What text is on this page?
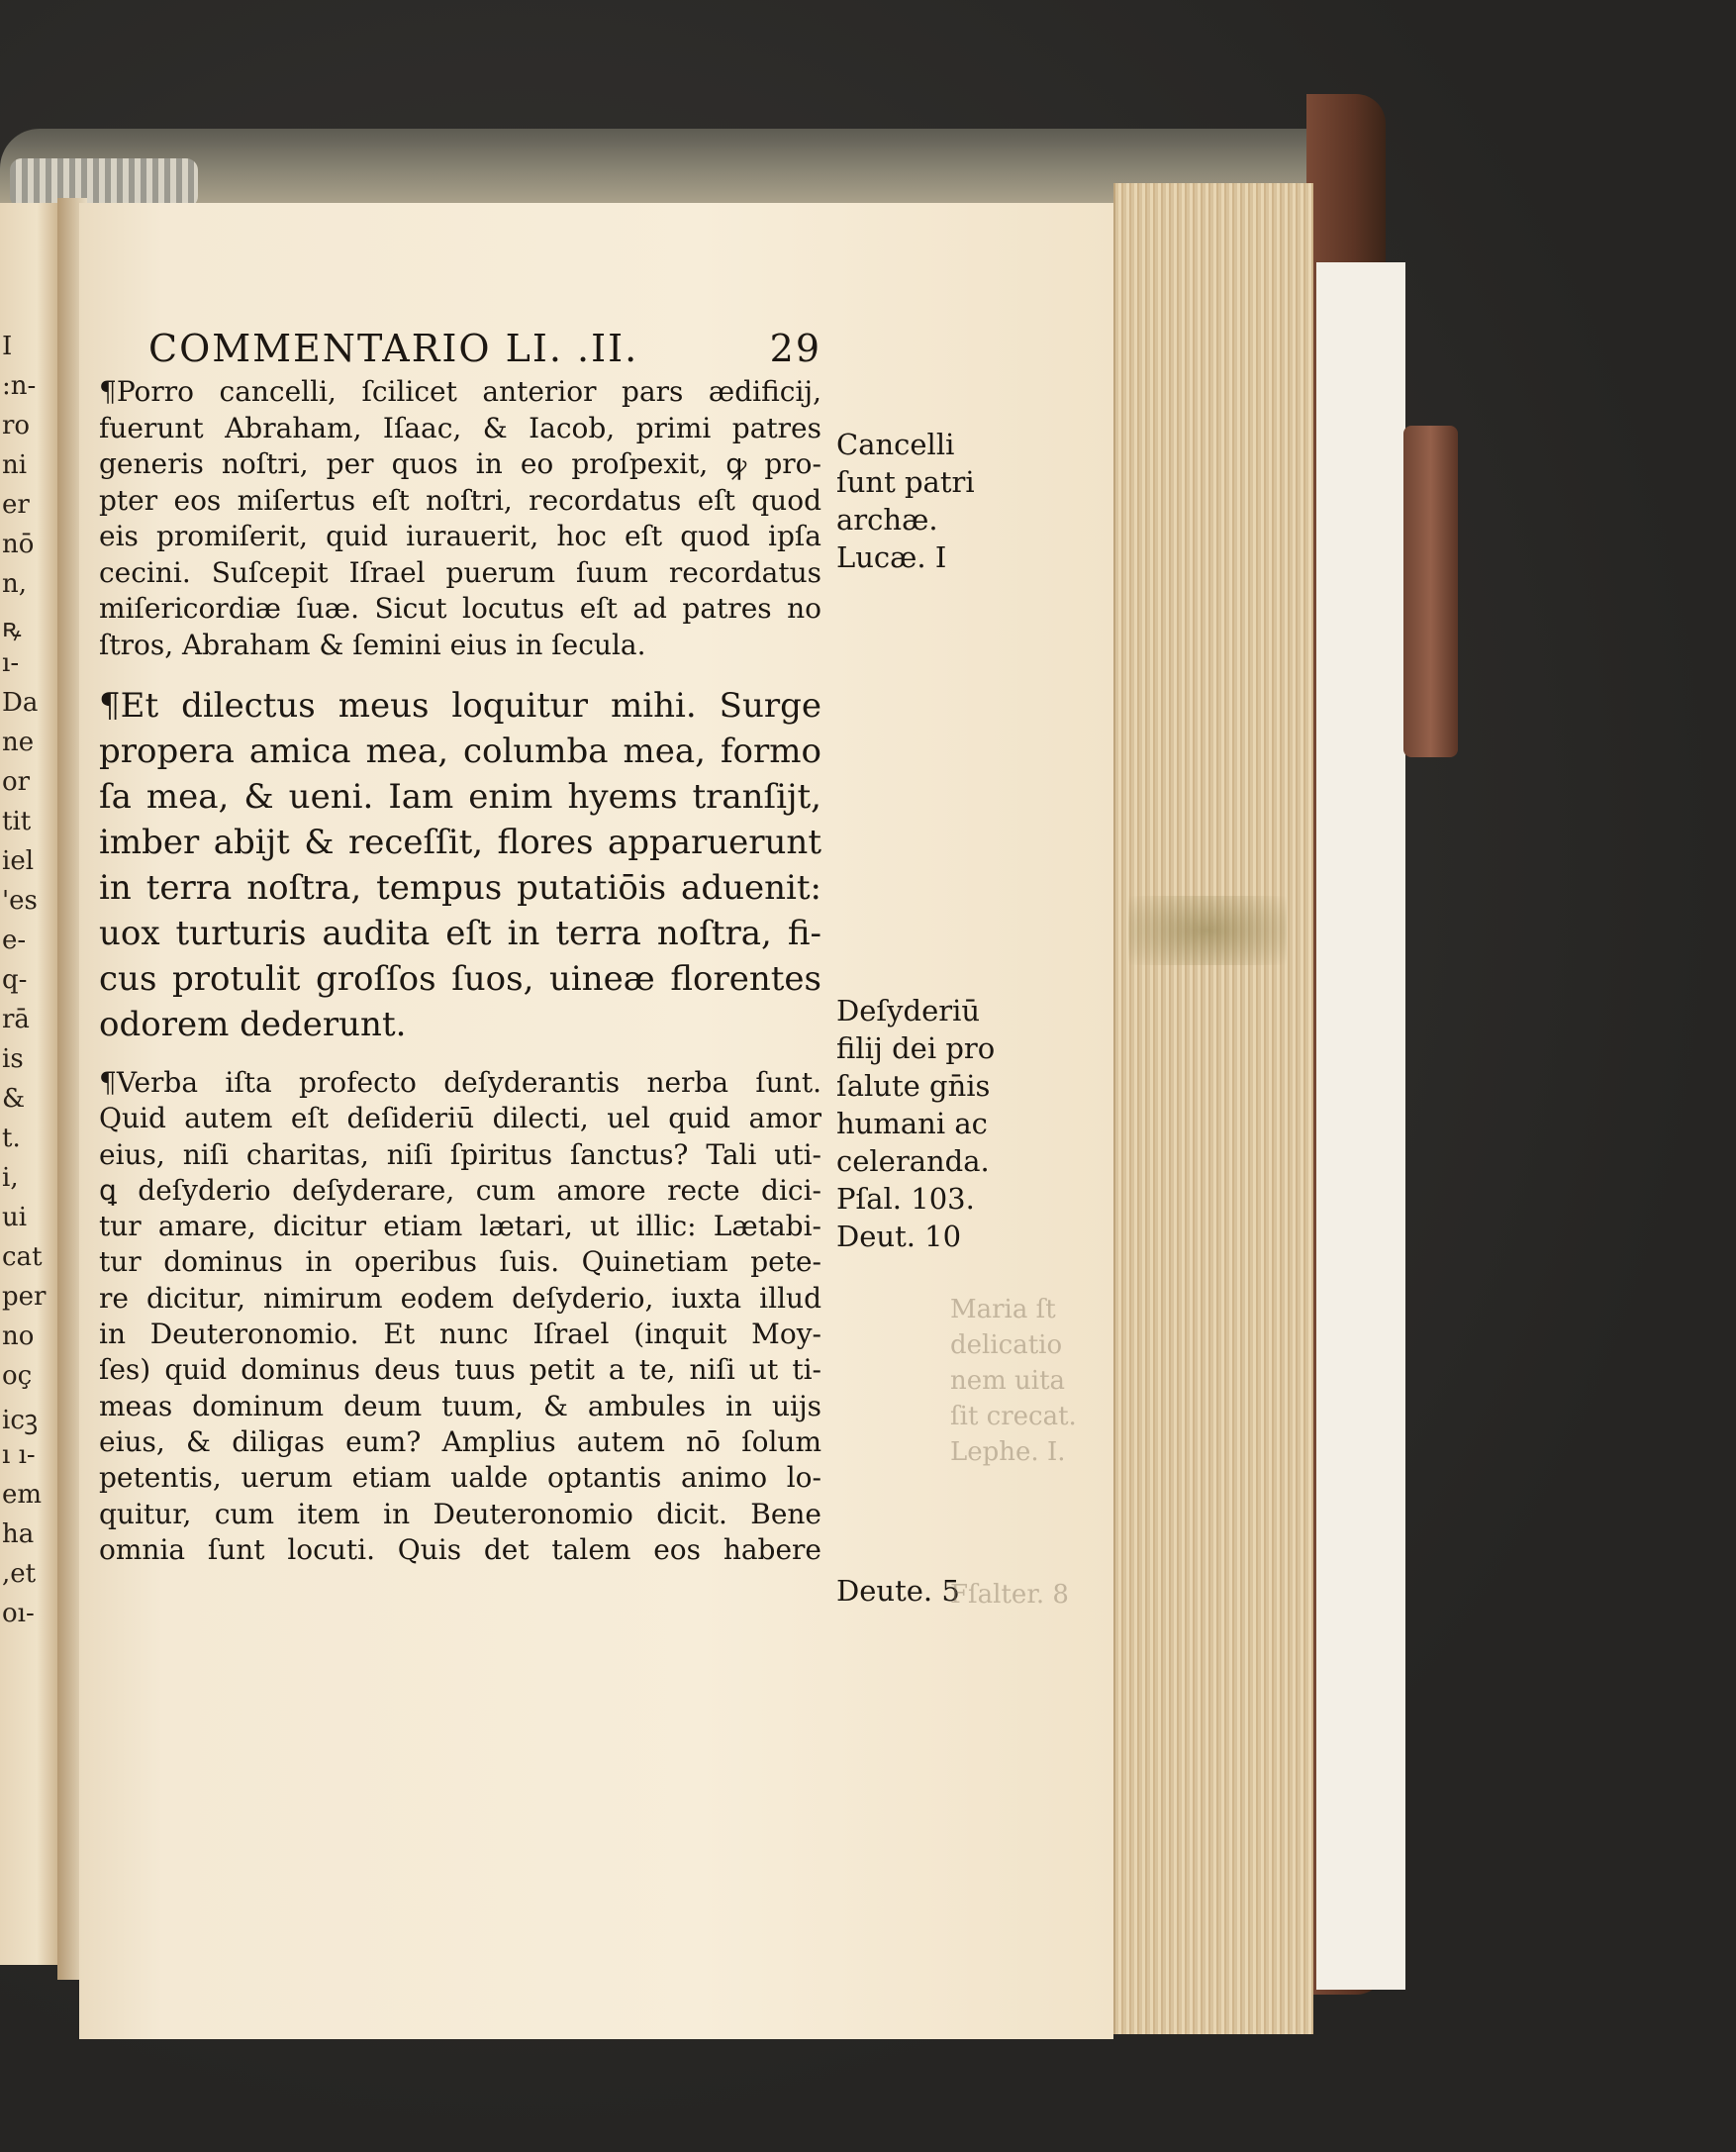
I
:n-
ro
ni
er
nō
n,
ꝶ
ı-
Da
ne
or
tit
iel
'es
e-
q-
rā
is
&
t.
i,
ui
cat
per
no
oç
icꝫ
ı ı-
em
ha
,et
oı-
COMMENTARIO LI. .II.	29
¶Porro cancelli, ſcilicet anterior pars ædificij,
fuerunt Abraham, Iſaac, & Iacob, primi patres
generis noſtri, per quos in eo proſpexit, ꝙ pro-
pter eos miſertus eſt noſtri, recordatus eſt quod
eis promiſerit, quid iurauerit, hoc eſt quod ipſa
cecini. Suſcepit Iſrael puerum ſuum recordatus
miſericordiæ ſuæ. Sicut locutus eſt ad patres no
ſtros, Abraham & ſemini eius in ſecula.
¶Et dilectus meus loquitur mihi. Surge
propera amica mea, columba mea, formo
ſa mea, & ueni. Iam enim hyems tranſijt,
imber abijt & receſſit, flores apparuerunt
in terra noſtra, tempus putatiōis aduenit:
uox turturis audita eſt in terra noſtra, fi-
cus protulit groſſos ſuos, uineæ florentes
odorem dederunt.
¶Verba iſta profecto deſyderantis nerba ſunt.
Quid autem eſt deſideriū dilecti, uel quid amor
eius, niſi charitas, niſi ſpiritus ſanctus? Tali uti-
ꝗ deſyderio deſyderare, cum amore recte dici-
tur amare, dicitur etiam lætari, ut illic: Lætabi-
tur dominus in operibus ſuis. Quinetiam pete-
re dicitur, nimirum eodem deſyderio, iuxta illud
in Deuteronomio. Et nunc Iſrael (inquit Moy-
ſes) quid dominus deus tuus petit a te, niſi ut ti-
meas dominum deum tuum, & ambules in uijs
eius, & diligas eum? Amplius autem nō ſolum
petentis, uerum etiam ualde optantis animo lo-
quitur, cum item in Deuteronomio dicit. Bene
omnia ſunt locuti. Quis det talem eos habere
Cancelli
ſunt patri
archæ.
Lucæ. I
Deſyderiū
filij dei pro
ſalute gn̄is
humani ac
celeranda.
Pſal. 103.
Deut. 10
Deute. 5
Maria ſt
delicatio
nem uita
ſit crecat.
Lephe. I.

Fſalter. 8
